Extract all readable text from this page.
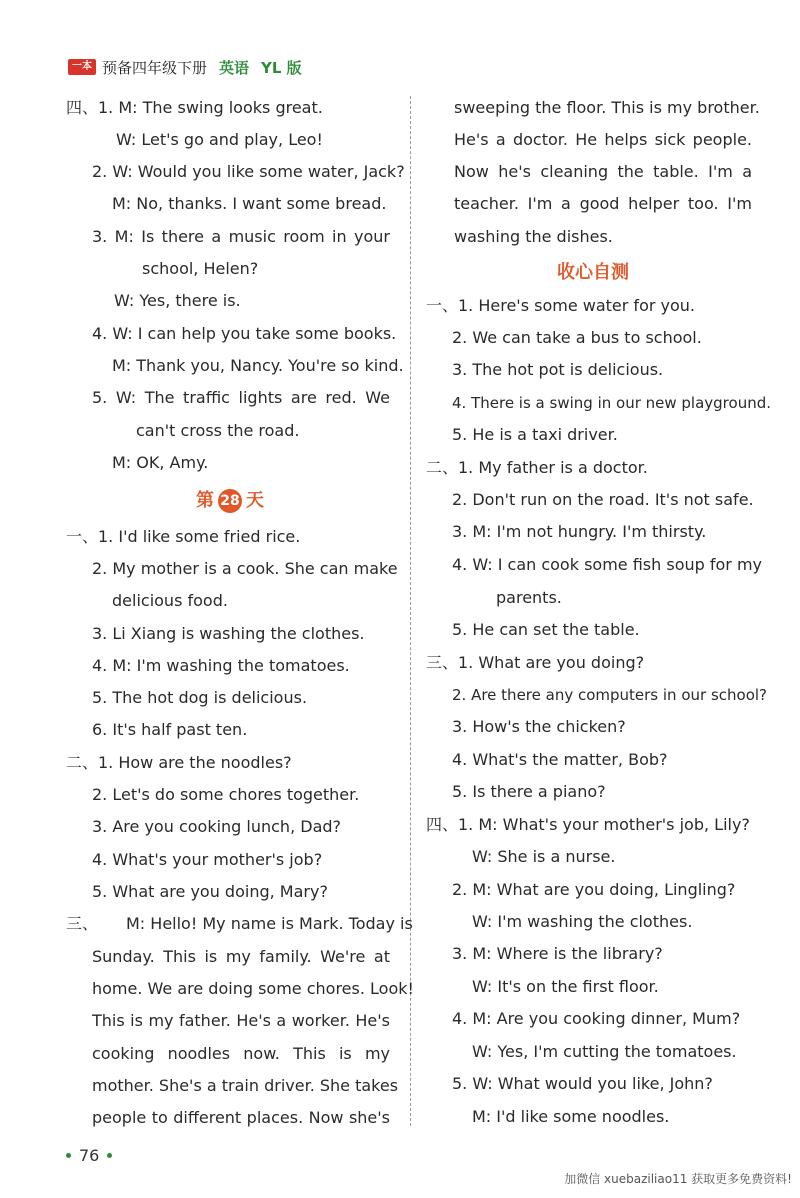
一本 预备四年级下册 英语 YL 版
四、1. M: The swing looks great.
W: Let's go and play, Leo!
2. W: Would you like some water, Jack?
M: No, thanks. I want some bread.
3. M: Is there a music room in your
school, Helen?
W: Yes, there is.
4. W: I can help you take some books.
M: Thank you, Nancy. You're so kind.
5. W: The traffic lights are red. We
can't cross the road.
M: OK, Amy.
第 28 天
一、1. I'd like some fried rice.
2. My mother is a cook. She can make
delicious food.
3. Li Xiang is washing the clothes.
4. M: I'm washing the tomatoes.
5. The hot dog is delicious.
6. It's half past ten.
二、1. How are the noodles?
2. Let's do some chores together.
3. Are you cooking lunch, Dad?
4. What's your mother's job?
5. What are you doing, Mary?
三、 M: Hello! My name is Mark. Today is
Sunday. This is my family. We're at
home. We are doing some chores. Look!
This is my father. He's a worker. He's
cooking noodles now. This is my
mother. She's a train driver. She takes
people to different places. Now she's
sweeping the floor. This is my brother.
He's a doctor. He helps sick people.
Now he's cleaning the table. I'm a
teacher. I'm a good helper too. I'm
washing the dishes.
收心自测
一、1. Here's some water for you.
2. We can take a bus to school.
3. The hot pot is delicious.
4. There is a swing in our new playground.
5. He is a taxi driver.
二、1. My father is a doctor.
2. Don't run on the road. It's not safe.
3. M: I'm not hungry. I'm thirsty.
4. W: I can cook some fish soup for my
parents.
5. He can set the table.
三、1. What are you doing?
2. Are there any computers in our school?
3. How's the chicken?
4. What's the matter, Bob?
5. Is there a piano?
四、1. M: What's your mother's job, Lily?
W: She is a nurse.
2. M: What are you doing, Lingling?
W: I'm washing the clothes.
3. M: Where is the library?
W: It's on the first floor.
4. M: Are you cooking dinner, Mum?
W: Yes, I'm cutting the tomatoes.
5. W: What would you like, John?
M: I'd like some noodles.
76
加微信 xuebaziliao11 获取更多免费资料!
